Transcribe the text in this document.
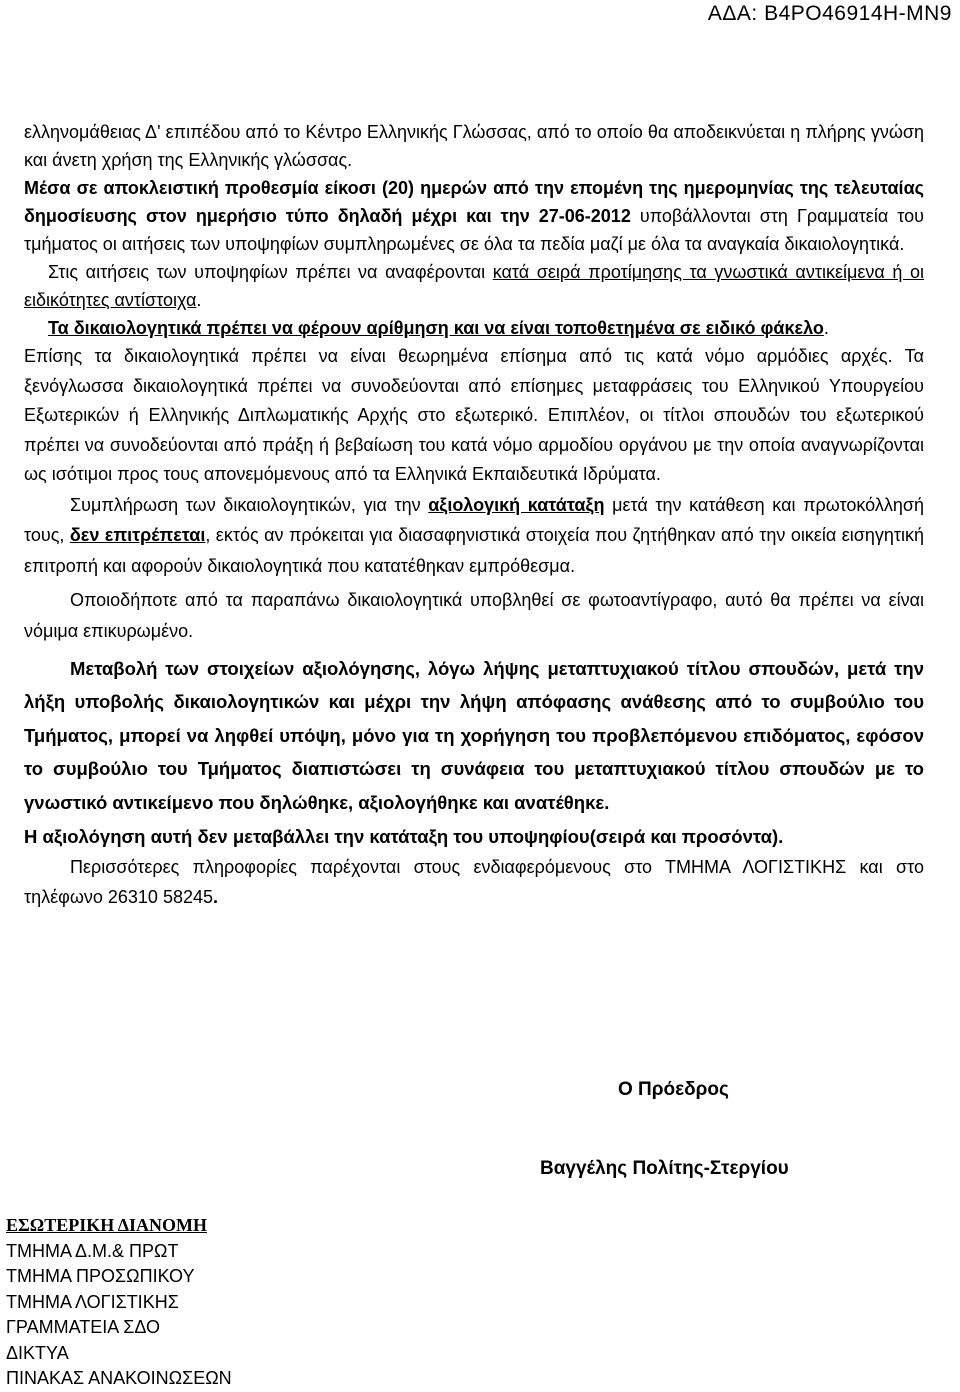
ΑΔΑ: Β4ΡΟ46914Η-ΜΝ9

ελληνομάθειας Δ' επιπέδου από το Κέντρο Ελληνικής Γλώσσας, από το οποίο θα αποδεικνύεται η πλήρης γνώση και άνετη χρήση της Ελληνικής γλώσσας.

Μέσα σε αποκλειστική προθεσμία είκοσι (20) ημερών από την επομένη της ημερομηνίας της τελευταίας δημοσίευσης στον ημερήσιο τύπο δηλαδή μέχρι και την 27-06-2012 υποβάλλονται στη Γραμματεία του τμήματος οι αιτήσεις των υποψηφίων συμπληρωμένες σε όλα τα πεδία μαζί με όλα τα αναγκαία δικαιολογητικά.

Στις αιτήσεις των υποψηφίων πρέπει να αναφέρονται κατά σειρά προτίμησης τα γνωστικά αντικείμενα ή οι ειδικότητες αντίστοιχα.

Τα δικαιολογητικά πρέπει να φέρουν αρίθμηση και να είναι τοποθετημένα σε ειδικό φάκελο.

Επίσης τα δικαιολογητικά πρέπει να είναι θεωρημένα επίσημα από τις κατά νόμο αρμόδιες αρχές. Τα ξενόγλωσσα δικαιολογητικά πρέπει να συνοδεύονται από επίσημες μεταφράσεις του Ελληνικού Υπουργείου Εξωτερικών ή Ελληνικής Διπλωματικής Αρχής στο εξωτερικό. Επιπλέον, οι τίτλοι σπουδών του εξωτερικού πρέπει να συνοδεύονται από πράξη ή βεβαίωση του κατά νόμο αρμοδίου οργάνου με την οποία αναγνωρίζονται ως ισότιμοι προς τους απονεμόμενους από τα Ελληνικά Εκπαιδευτικά Ιδρύματα.

Συμπλήρωση των δικαιολογητικών, για την αξιολογική κατάταξη μετά την κατάθεση και πρωτοκόλλησή τους, δεν επιτρέπεται, εκτός αν πρόκειται για διασαφηνιστικά στοιχεία που ζητήθηκαν από την οικεία εισηγητική επιτροπή και αφορούν δικαιολογητικά που κατατέθηκαν εμπρόθεσμα.

Οποιοδήποτε από τα παραπάνω δικαιολογητικά υποβληθεί σε φωτοαντίγραφο, αυτό θα πρέπει να είναι νόμιμα επικυρωμένο.

Μεταβολή των στοιχείων αξιολόγησης, λόγω λήψης μεταπτυχιακού τίτλου σπουδών, μετά την λήξη υποβολής δικαιολογητικών και μέχρι την λήψη απόφασης ανάθεσης από το συμβούλιο του Τμήματος, μπορεί να ληφθεί υπόψη, μόνο για τη χορήγηση του προβλεπόμενου επιδόματος, εφόσον το συμβούλιο του Τμήματος διαπιστώσει τη συνάφεια του μεταπτυχιακού τίτλου σπουδών με το γνωστικό αντικείμενο που δηλώθηκε, αξιολογήθηκε και ανατέθηκε.

Η αξιολόγηση αυτή δεν μεταβάλλει την κατάταξη του υποψηφίου(σειρά και προσόντα).

Περισσότερες πληροφορίες παρέχονται στους ενδιαφερόμενους στο ΤΜΗΜΑ ΛΟΓΙΣΤΙΚΗΣ και στο τηλέφωνο 26310 58245.

Ο Πρόεδρος
Βαγγέλης Πολίτης-Στεργίου
ΕΣΩΤΕΡΙΚΗ ΔΙΑΝΟΜΗ
ΤΜΗΜΑ Δ.Μ.& ΠΡΩΤ
ΤΜΗΜΑ ΠΡΟΣΩΠΙΚΟΥ
ΤΜΗΜΑ ΛΟΓΙΣΤΙΚΗΣ
ΓΡΑΜΜΑΤΕΙΑ ΣΔΟ
ΔΙΚΤΥΑ
ΠΙΝΑΚΑΣ ΑΝΑΚΟΙΝΩΣΕΩΝ
